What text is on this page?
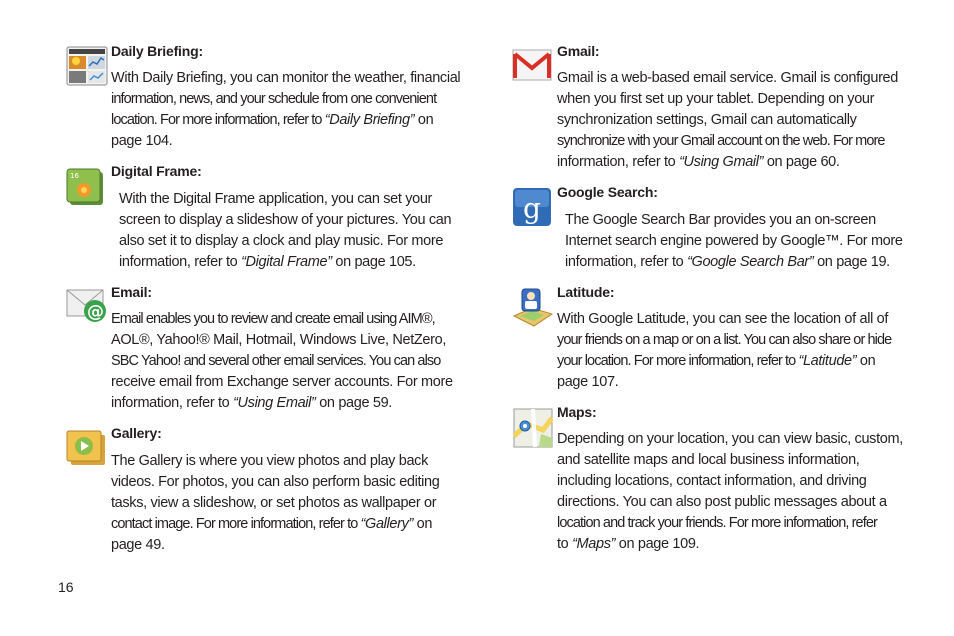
Daily Briefing:
With Daily Briefing, you can monitor the weather, financial
information, news, and your schedule from one convenient
location. For more information, refer to “Daily Briefing” on
page 104.
16 Digital Frame:
With the Digital Frame application, you can set your
screen to display a slideshow of your pictures. You can
also set it to display a clock and play music. For more
information, refer to “Digital Frame” on page 105.
@
Email:
Email enables you to review and create email using AIM®,
AOL®, Yahoo!® Mail, Hotmail, Windows Live, NetZero,
SBC Yahoo! and several other email services. You can also
receive email from Exchange server accounts. For more
information, refer to “Using Email” on page 59.
Gallery:
The Gallery is where you view photos and play back
videos. For photos, you can also perform basic editing
tasks, view a slideshow, or set photos as wallpaper or
contact image. For more information, refer to “Gallery” on
page 49.
Gmail:
Gmail is a web-based email service. Gmail is configured
when you first set up your tablet. Depending on your
synchronization settings, Gmail can automatically
synchronize with your Gmail account on the web. For more
information, refer to “Using Gmail” on page 60.
g Google Search:
The Google Search Bar provides you an on-screen
Internet search engine powered by Google™. For more
information, refer to “Google Search Bar” on page 19.
Latitude:
With Google Latitude, you can see the location of all of
your friends on a map or on a list. You can also share or hide
your location. For more information, refer to “Latitude” on
page 107.
Maps:
Depending on your location, you can view basic, custom,
and satellite maps and local business information,
including locations, contact information, and driving
directions. You can also post public messages about a
location and track your friends. For more information, refer
to “Maps” on page 109.
16
